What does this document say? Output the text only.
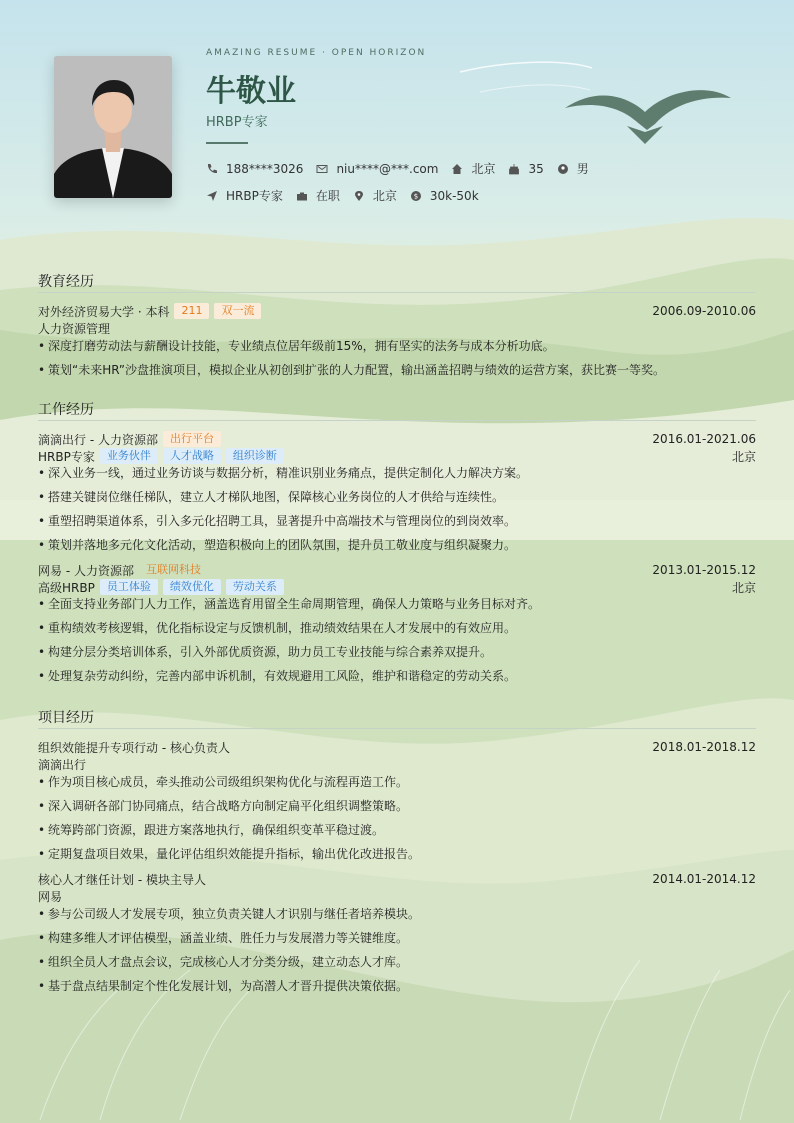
AMAZING RESUME · OPEN HORIZON
牛敬业
HRBP专家
188****3026	niu****@***.com	北京	35	男
HRBP专家	在职	北京 $ 30k-50k
教育经历
对外经济贸易大学 · 本科	211	双一流	2006.09-2010.06
人力资源管理
• 深度打磨劳动法与薪酬设计技能，专业绩点位居年级前15%，拥有坚实的法务与成本分析功底。
• 策划“未来HR”沙盘推演项目，模拟企业从初创到扩张的人力配置，输出涵盖招聘与绩效的运营方案，获比赛一等奖。
工作经历
滴滴出行 - 人力资源部	出行平台	2016.01-2021.06
HRBP专家	业务伙伴	人才战略	组织诊断	北京
• 深入业务一线，通过业务访谈与数据分析，精准识别业务痛点，提供定制化人力解决方案。
• 搭建关键岗位继任梯队，建立人才梯队地图，保障核心业务岗位的人才供给与连续性。
• 重塑招聘渠道体系，引入多元化招聘工具，显著提升中高端技术与管理岗位的到岗效率。
• 策划并落地多元化文化活动，塑造积极向上的团队氛围，提升员工敬业度与组织凝聚力。
网易 - 人力资源部	互联网科技	2013.01-2015.12
高级HRBP	员工体验	绩效优化	劳动关系	北京
• 全面支持业务部门人力工作，涵盖选育用留全生命周期管理，确保人力策略与业务目标对齐。
• 重构绩效考核逻辑，优化指标设定与反馈机制，推动绩效结果在人才发展中的有效应用。
• 构建分层分类培训体系，引入外部优质资源，助力员工专业技能与综合素养双提升。
• 处理复杂劳动纠纷，完善内部申诉机制，有效规避用工风险，维护和谐稳定的劳动关系。
项目经历
组织效能提升专项行动 - 核心负责人	2018.01-2018.12
滴滴出行
• 作为项目核心成员，牵头推动公司级组织架构优化与流程再造工作。
• 深入调研各部门协同痛点，结合战略方向制定扁平化组织调整策略。
• 统筹跨部门资源，跟进方案落地执行，确保组织变革平稳过渡。
• 定期复盘项目效果，量化评估组织效能提升指标，输出优化改进报告。
核心人才继任计划 - 模块主导人	2014.01-2014.12
网易
• 参与公司级人才发展专项，独立负责关键人才识别与继任者培养模块。
• 构建多维人才评估模型，涵盖业绩、胜任力与发展潜力等关键维度。
• 组织全员人才盘点会议，完成核心人才分类分级，建立动态人才库。
• 基于盘点结果制定个性化发展计划，为高潜人才晋升提供决策依据。
